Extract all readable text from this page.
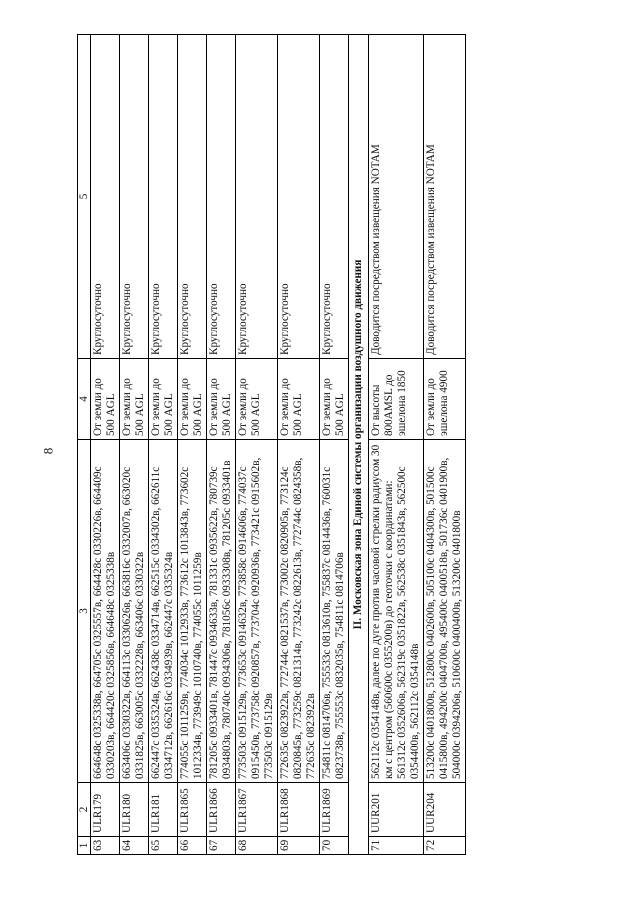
8
1	2	3	4	5
63	ULR179	664648с 0325338в, 664705с 0325557в, 664428с 0330226в, 664409с 0330203в, 664420с 0325856в, 664648с 0325338в	От земли до 500 AGL	Круглосуточно
64	ULR180	663406с 0330322в, 664113с 0330626в, 663816с 0332007в, 663020с 0331825в, 663005с 0332228в, 663406с 0330322в	От земли до 500 AGL	Круглосуточно
65	ULR181	662447с 0335324в, 662438с 0334714в, 662515с 0334302в, 662611с 0334712в, 662616с 0334939в, 662447с 0335324в	От земли до 500 AGL	Круглосуточно
66	ULR1865	774055с 1011259в, 774034с 1012933в, 773612с 1013843в, 773602с 1012334в, 773949с 1010740в, 774055с 1011259в	От земли до 500 AGL	Круглосуточно
67	ULR1866	781205с 0933401в, 781447с 0934633в, 781331с 0935622в, 780739с 0934803в, 780740с 0934306в, 781056с 0933308в, 781205с 0933401в	От земли до 500 AGL	Круглосуточно
68	ULR1867	773503с 0915129в, 773653с 0914632в, 773858с 0914606в, 774037с 0915450в, 773758с 0920857в, 773704с 0920936в, 773421с 0915602в, 773503с 0915129в	От земли до 500 AGL	Круглосуточно
69	ULR1868	772635с 0823922в, 772744с 0821537в, 773002с 0820905в, 773124с 0820845в, 773259с 0821314в, 773242с 0822613в, 772744с 0824358в, 772635с 0823922в	От земли до 500 AGL	Круглосуточно
70	ULR1869	754811с 0814706в, 755533с 0813610в, 755837с 0814436в, 760031с 0823738в, 755553с 0832035в, 754811с 0814706в	От земли до 500 AGL	Круглосуточно
II. Московская зона Единой системы организации воздушного движения				
71	UUR201	562112с 0354148в, далее по дуге против часовой стрелки радиусом 30 км с центром (560600с 0355200в) до геоточки с координатами: 561312с 0352606в, 562319с 0351822в, 562538с 0351843в, 562500с 0354400в, 562112с 0354148в	От высоты 800AMSL до эшелона 1850	Доводится посредством извещения NOTAM
72	UUR204	513200с 0401800в, 512800с 0402600в, 505100с 0404300в, 501500с 0415800в, 494200с 0404700в, 495400с 0400518в, 501736с 0401900в, 504000с 0394206в, 510600с 0400400в, 513200с 0401800в	От земли до эшелона 4900	Доводится посредством извещения NOTAM
